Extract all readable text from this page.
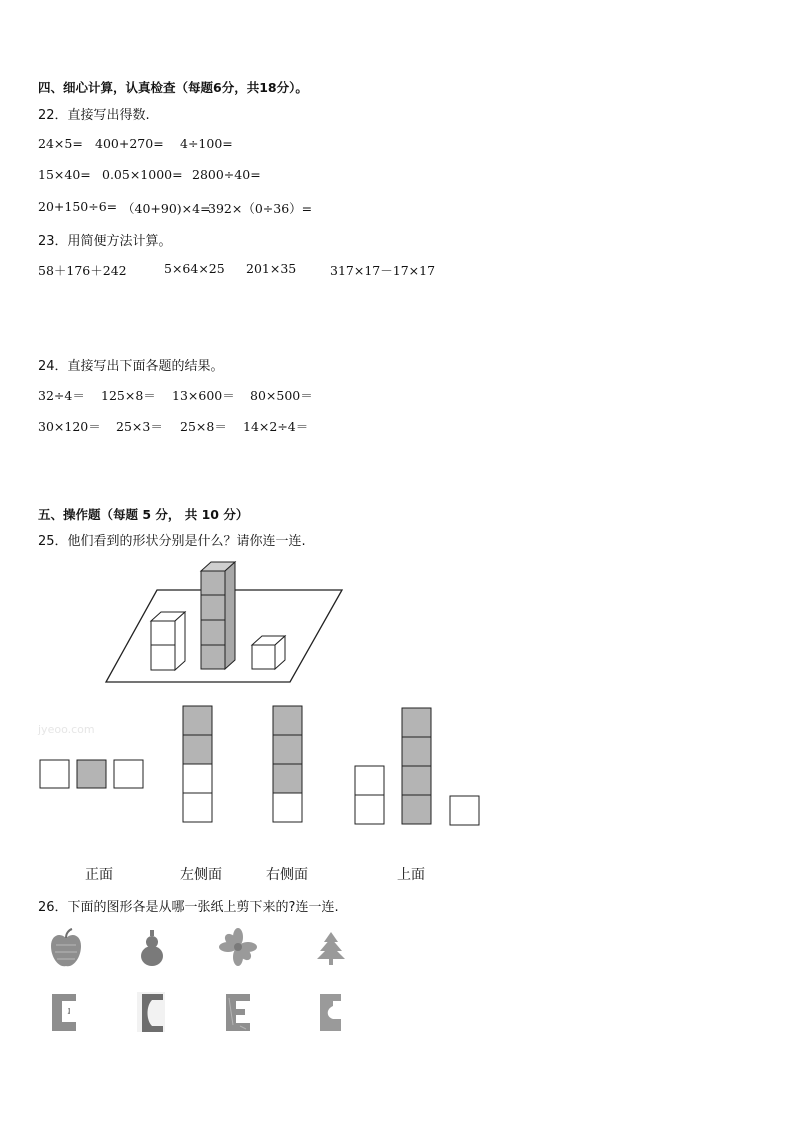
四、细心计算，认真检查（每题6分，共18分）。
22．直接写出得数.
24×5= 400+270= 4÷100=
15×40= 0.05×1000= 2800÷40=
20+150÷6= （40+90)×4=
392×（0÷36）=
23．用简便方法计算。
58＋176＋242	5×64×25 201×35	317×17－17×17
24．直接写出下面各题的结果。
32÷4＝ 125×8＝ 13×600＝ 80×500＝
30×120＝ 25×3＝ 25×8＝ 14×2÷4＝
五、操作题（每题 5 分， 共 10 分）
25．他们看到的形状分别是什么？请你连一连.
jyeoo.com
正面	左侧面	右侧面	上面
26．下面的图形各是从哪一张纸上剪下来的?连一连.
